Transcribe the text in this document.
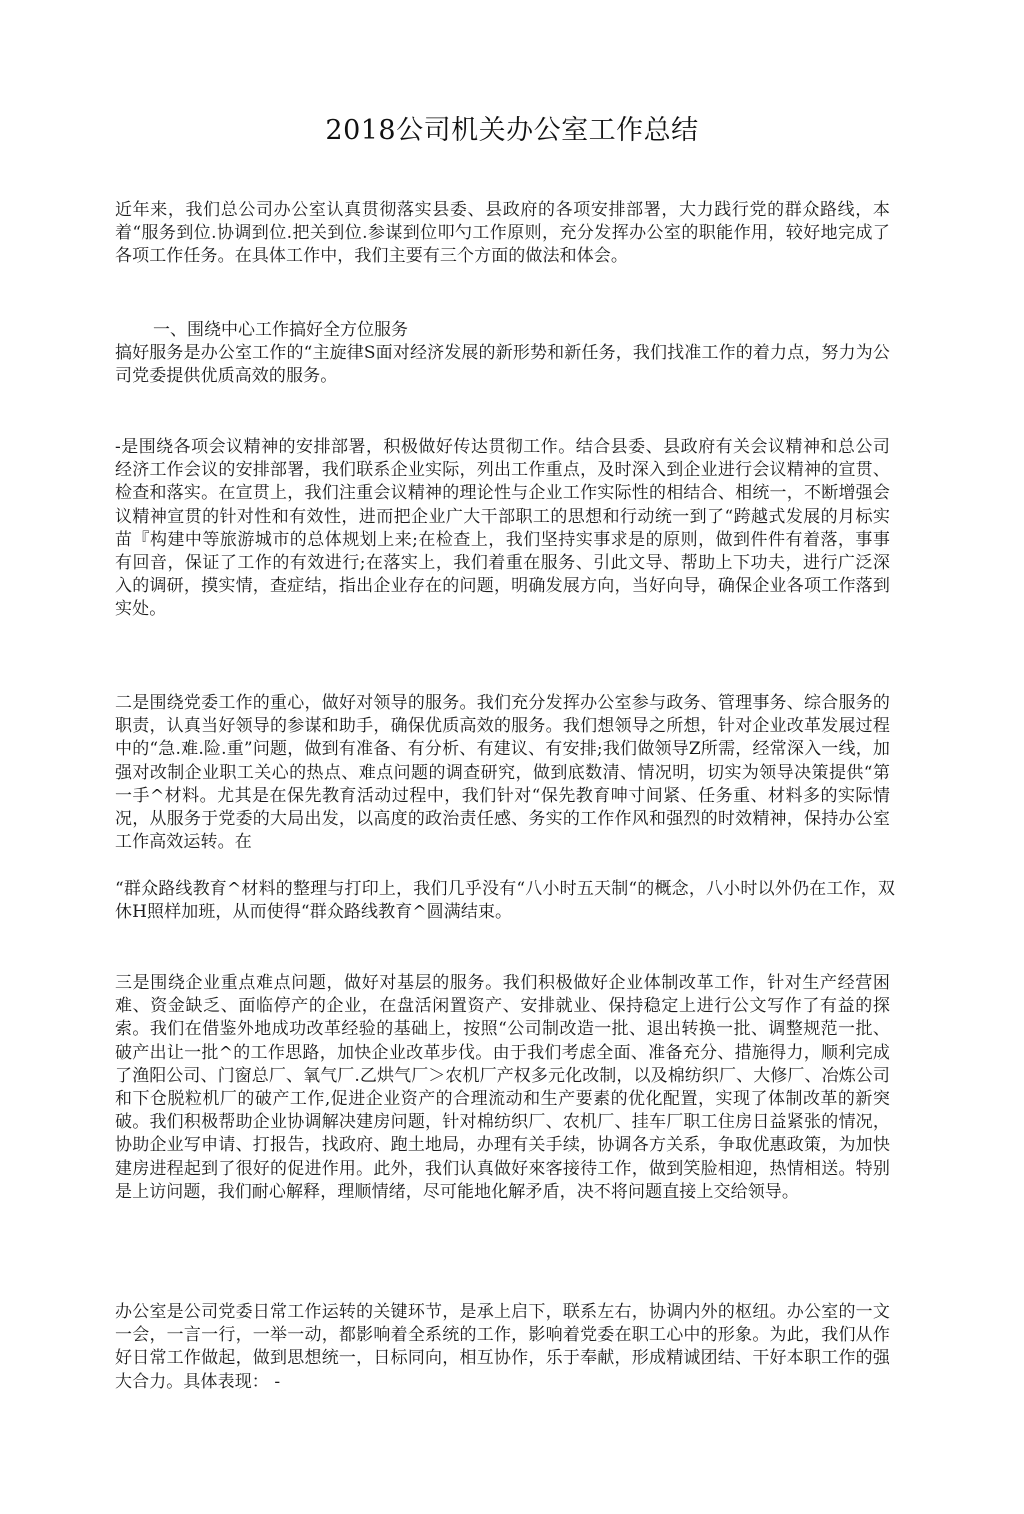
2018公司机关办公室工作总结

近年来，我们总公司办公室认真贯彻落实县委、县政府的各项安排部署，大力践行党的群众路线，本着“服务到位.协调到位.把关到位.参谋到位叩勺工作原则，充分发挥办公室的职能作用，较好地完成了各项工作任务。在具体工作中，我们主要有三个方面的做法和体会。

一、围绕中心工作搞好全方位服务

搞好服务是办公室工作的“主旋律S面对经济发展的新形势和新任务，我们找准工作的着力点，努力为公司党委提供优质高效的服务。

-是围绕各项会议精神的安排部署，积极做好传达贯彻工作。结合县委、县政府有关会议精神和总公司经济工作会议的安排部署，我们联系企业实际，列出工作重点，及时深入到企业进行会议精神的宣贯、检查和落实。在宣贯上，我们注重会议精神的理论性与企业工作实际性的相结合、相统一，不断增强会议精神宣贯的针对性和有效性，进而把企业广大干部职工的思想和行动统一到了“跨越式发展的月标实苗『构建中等旅游城市的总体规划上来;在检查上，我们坚持实事求是的原则，做到件件有着落，事事有回音，保证了工作的有效进行;在落实上，我们着重在服务、引此文导、帮助上下功夫，进行广泛深入的调研，摸实情，查症结，指出企业存在的问题，明确发展方向，当好向导，确保企业各项工作落到实处。

二是围绕党委工作的重心，做好对领导的服务。我们充分发挥办公室参与政务、管理事务、综合服务的职责，认真当好领导的参谋和助手，确保优质高效的服务。我们想领导之所想，针对企业改革发展过程中的“急.难.险.重”问题，做到有准备、有分析、有建议、有安排;我们做领导Z所需，经常深入一线，加强对改制企业职工关心的热点、难点问题的调查研究，做到底数清、情况明，切实为领导决策提供“第一手^材料。尤其是在保先教育活动过程中，我们针对“保先教育呻寸间紧、任务重、材料多的实际情况，从服务于党委的大局出发，以高度的政治责任感、务实的工作作风和强烈的时效精神，保持办公室工作高效运转。在

“群众路线教育^材料的整理与打印上，我们几乎没有“八小时五天制“的概念，八小时以外仍在工作，双休H照样加班，从而使得“群众路线教育^圆满结束。

三是围绕企业重点难点问题，做好对基层的服务。我们积极做好企业体制改革工作，针对生产经营困难、资金缺乏、面临停产的企业，在盘活闲置资产、安排就业、保持稳定上进行公文写作了有益的探索。我们在借鉴外地成功改革经验的基础上，按照“公司制改造一批、退出转换一批、调整规范一批、破产出让一批^的工作思路，加快企业改革步伐。由于我们考虑全面、准备充分、措施得力，顺利完成了渔阳公司、门窗总厂、氧气厂.乙烘气厂＞农机厂产权多元化改制，以及棉纺织厂、大修厂、冶炼公司和下仓脱粒机厂的破产工作,促进企业资产的合理流动和生产要素的优化配置，实现了体制改革的新突破。我们积极帮助企业协调解决建房问题，针对棉纺织厂、农机厂、挂车厂职工住房日益紧张的情况，协助企业写申请、打报告，找政府、跑土地局，办理有关手续，协调各方关系，争取优惠政策，为加快建房进程起到了很好的促进作用。此外，我们认真做好來客接待工作，做到笑脸相迎，热情相送。特别是上访问题，我们耐心解释，理顺情绪，尽可能地化解矛盾，决不将问题直接上交给领导。

办公室是公司党委日常工作运转的关键环节，是承上启下，联系左右，协调内外的枢纽。办公室的一文一会，一言一行，一举一动，都影响着全系统的工作，影响着党委在职工心中的形象。为此，我们从作好日常工作做起，做到思想统一，日标同向，相互协作，乐于奉献，形成精诚团结、干好本职工作的强大合力。具体表现： -
